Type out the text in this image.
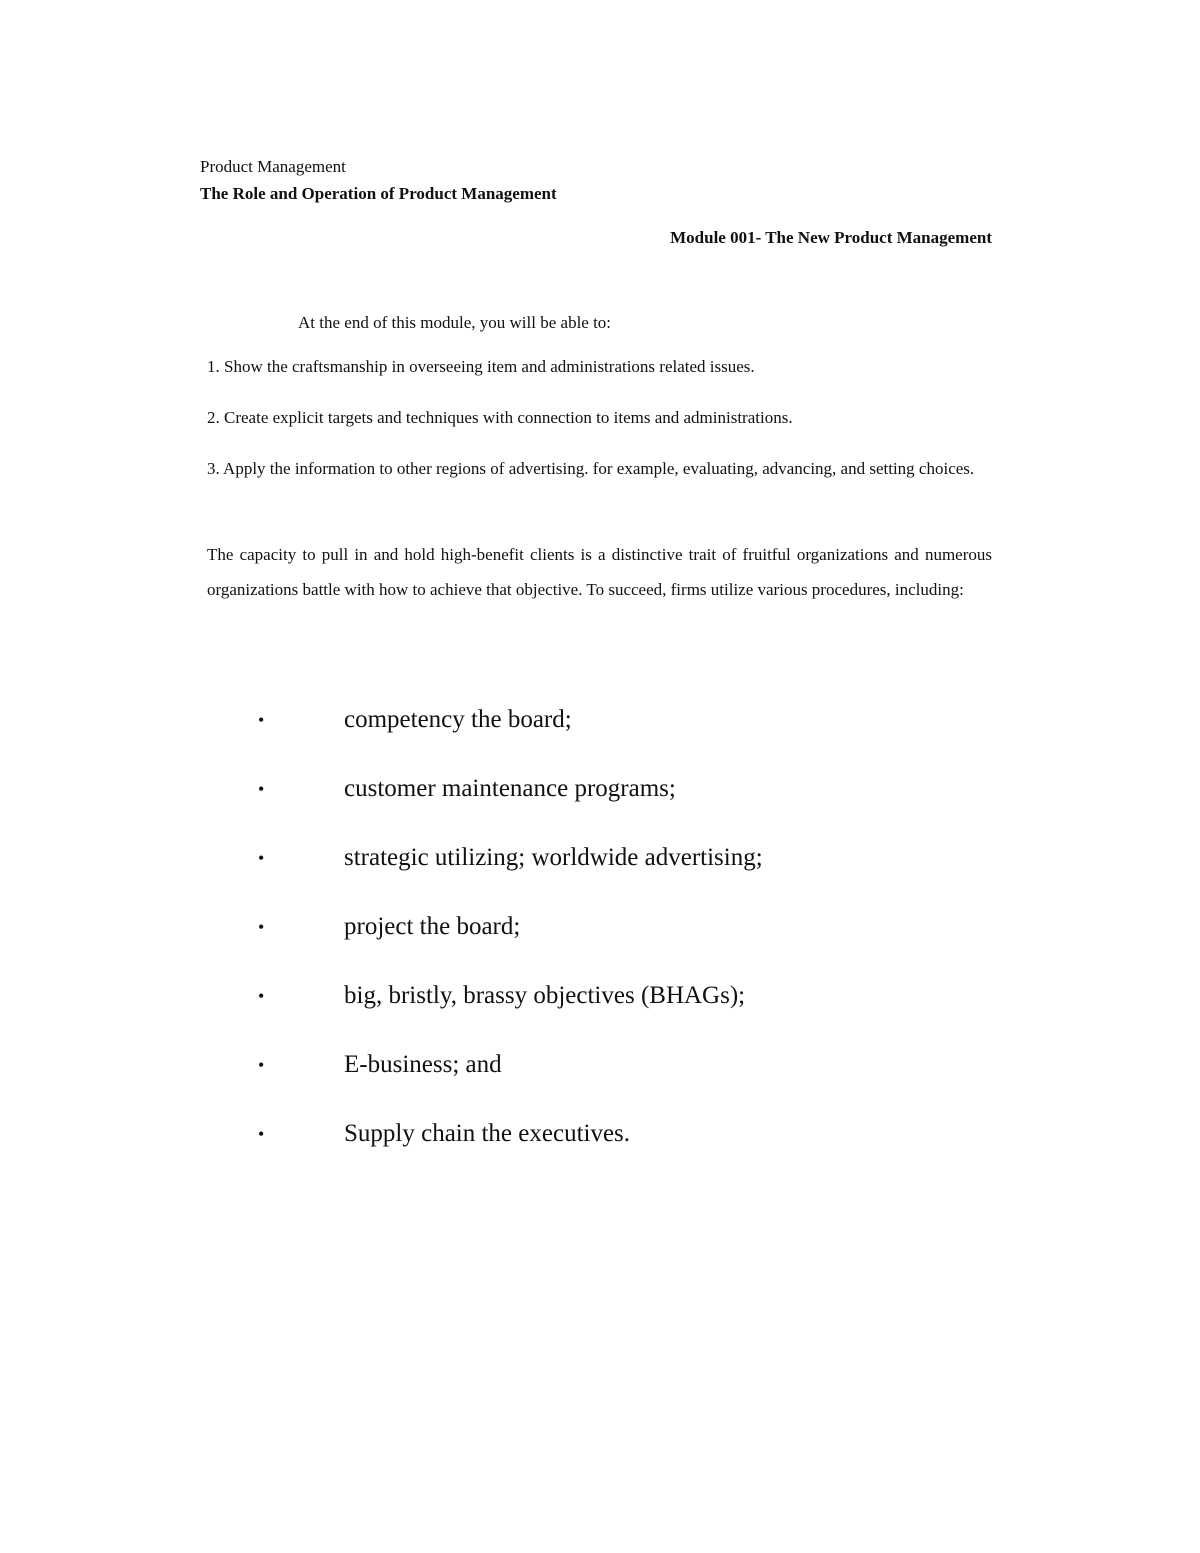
Product Management
The Role and Operation of Product Management
Module 001- The New Product Management
At the end of this module, you will be able to:

1. Show the craftsmanship in overseeing item and administrations related issues.

2. Create explicit targets and techniques with connection to items and administrations.

3. Apply the information to other regions of advertising. for example, evaluating, advancing, and setting choices.

The capacity to pull in and hold high-benefit clients is a distinctive trait of fruitful organizations and numerous organizations battle with how to achieve that objective. To succeed, firms utilize various procedures, including:

•	competency the board;
•	customer maintenance programs;
•	strategic utilizing; worldwide advertising;
•	project the board;
•	big, bristly, brassy objectives (BHAGs);
•	E-business; and
•	Supply chain the executives.
